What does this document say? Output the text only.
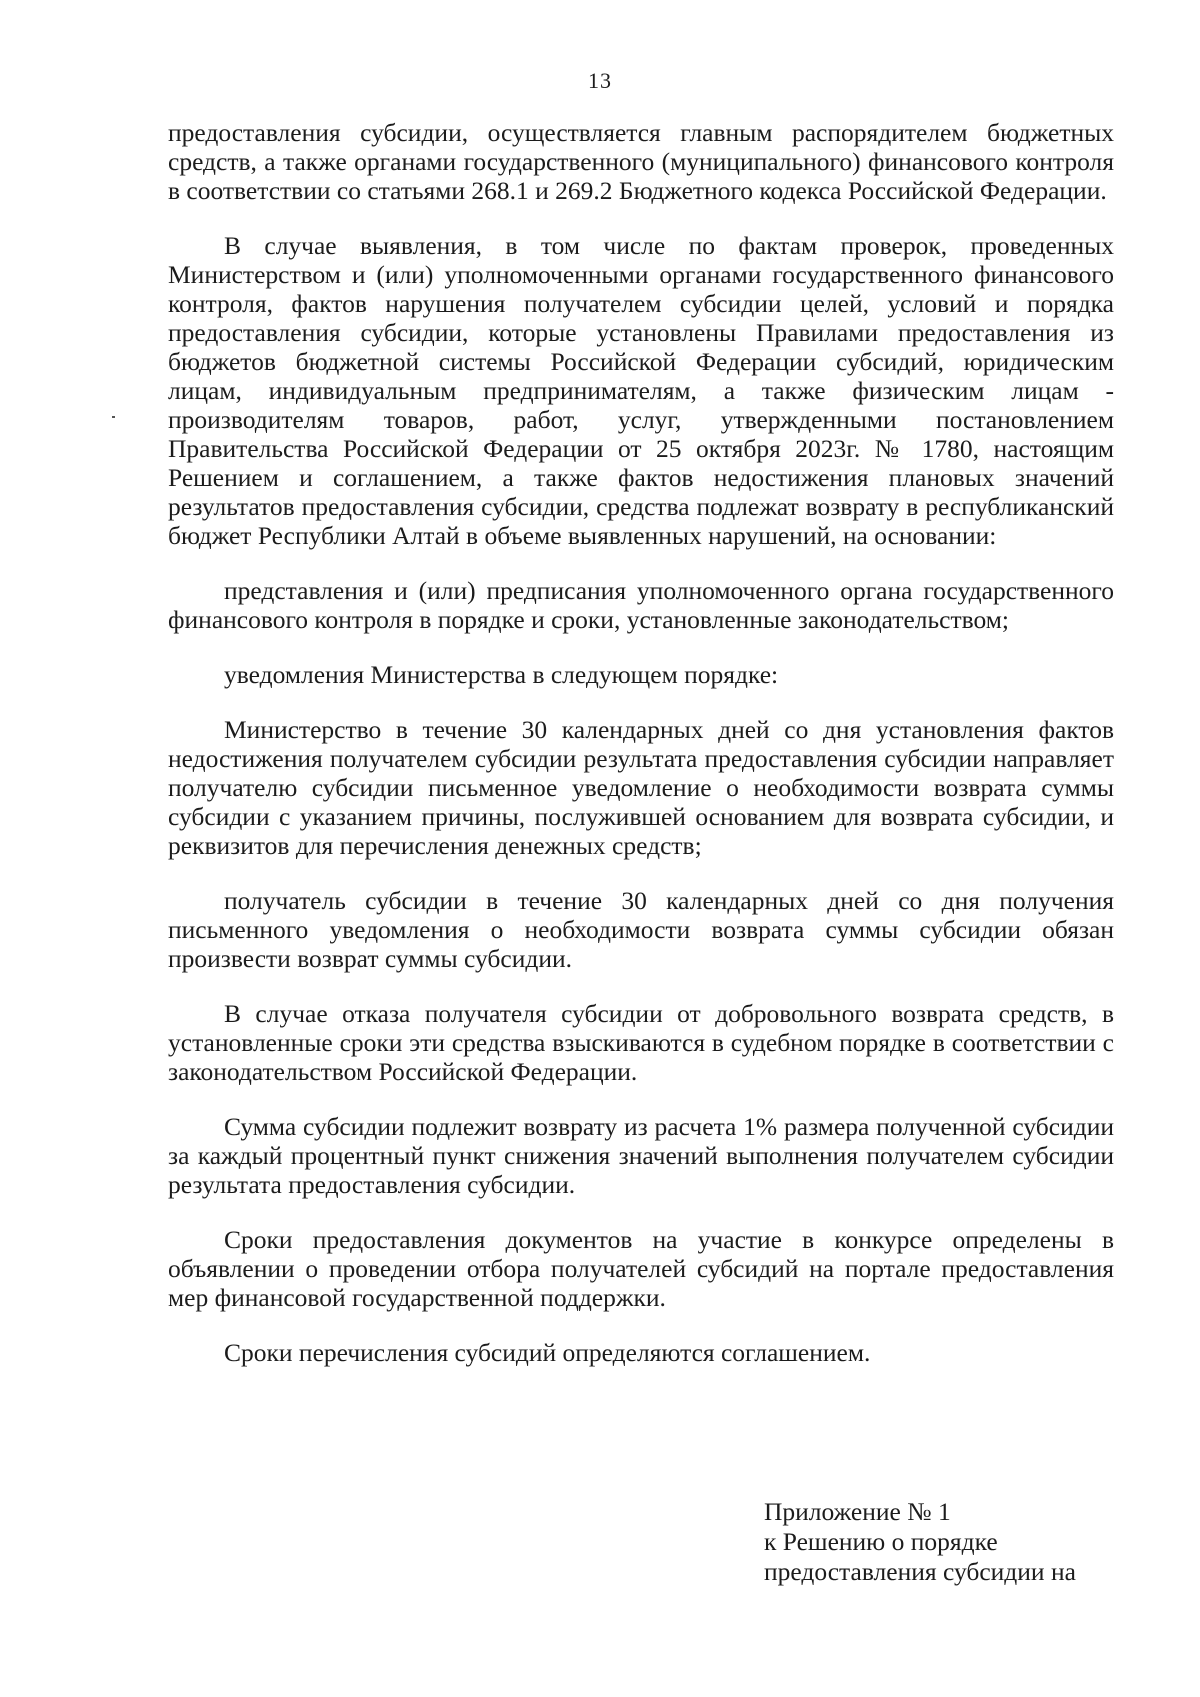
13

предоставления субсидии, осуществляется главным распорядителем бюджетных средств, а также органами государственного (муниципального) финансового контроля в соответствии со статьями 268.1 и 269.2 Бюджетного кодекса Российской Федерации.

В случае выявления, в том числе по фактам проверок, проведенных Министерством и (или) уполномоченными органами государственного финансового контроля, фактов нарушения получателем субсидии целей, условий и порядка предоставления субсидии, которые установлены Правилами предоставления из бюджетов бюджетной системы Российской Федерации субсидий, юридическим лицам, индивидуальным предпринимателям, а также физическим лицам - производителям товаров, работ, услуг, утвержденными постановлением Правительства Российской Федерации от 25 октября 2023г. № 1780, настоящим Решением и соглашением, а также фактов недостижения плановых значений результатов предоставления субсидии, средства подлежат возврату в республиканский бюджет Республики Алтай в объеме выявленных нарушений, на основании:

представления и (или) предписания уполномоченного органа государственного финансового контроля в порядке и сроки, установленные законодательством;

уведомления Министерства в следующем порядке:

Министерство в течение 30 календарных дней со дня установления фактов недостижения получателем субсидии результата предоставления субсидии направляет получателю субсидии письменное уведомление о необходимости возврата суммы субсидии с указанием причины, послужившей основанием для возврата субсидии, и реквизитов для перечисления денежных средств;

получатель субсидии в течение 30 календарных дней со дня получения письменного уведомления о необходимости возврата суммы субсидии обязан произвести возврат суммы субсидии.

В случае отказа получателя субсидии от добровольного возврата средств, в установленные сроки эти средства взыскиваются в судебном порядке в соответствии с законодательством Российской Федерации.

Сумма субсидии подлежит возврату из расчета 1% размера полученной субсидии за каждый процентный пункт снижения значений выполнения получателем субсидии результата предоставления субсидии.

Сроки предоставления документов на участие в конкурсе определены в объявлении о проведении отбора получателей субсидий на портале предоставления мер финансовой государственной поддержки.

Сроки перечисления субсидий определяются соглашением.

Приложение № 1
к Решению о порядке
предоставления субсидии на
